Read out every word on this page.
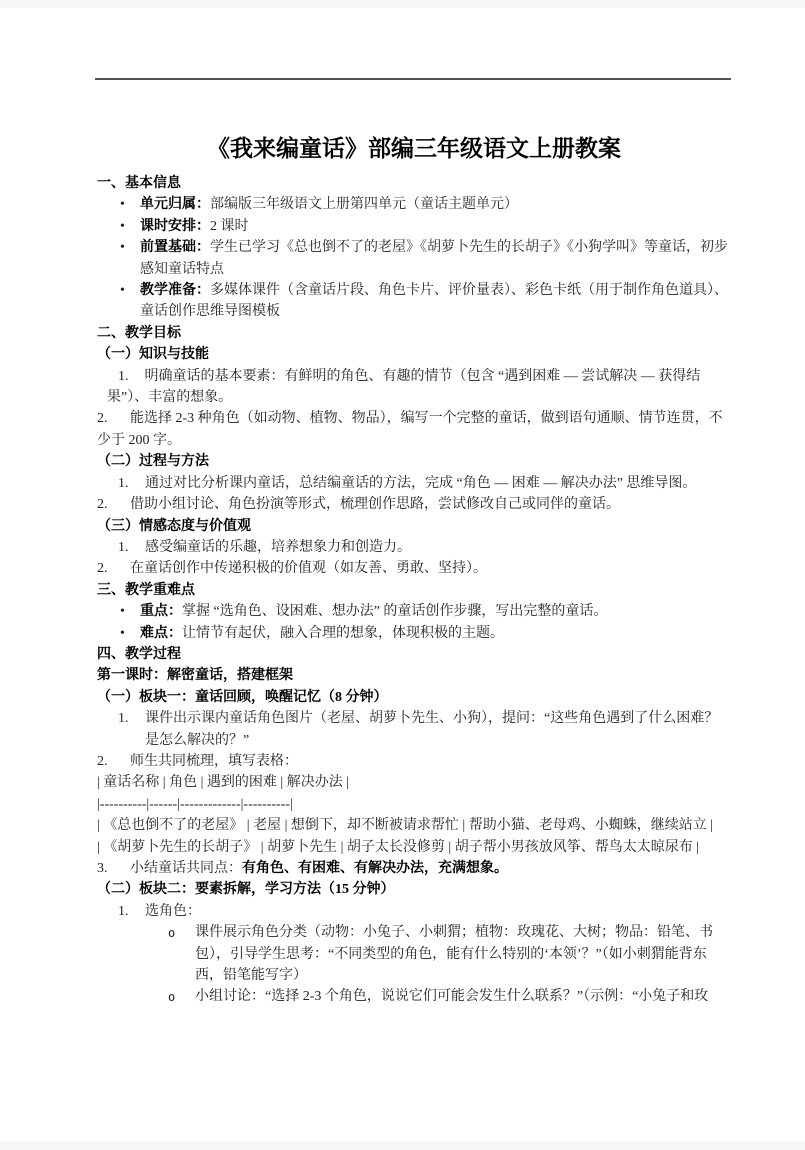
《我来编童话》部编三年级语文上册教案
一、基本信息
• 单元归属：部编版三年级语文上册第四单元（童话主题单元）
• 课时安排：2 课时
• 前置基础：学生已学习《总也倒不了的老屋》《胡萝卜先生的长胡子》《小狗学叫》等童话，初步感知童话特点
• 教学准备：多媒体课件（含童话片段、角色卡片、评价量表）、彩色卡纸（用于制作角色道具）、童话创作思维导图模板
二、教学目标
（一）知识与技能
1. 明确童话的基本要素：有鲜明的角色、有趣的情节（包含 “遇到困难 — 尝试解决 — 获得结果”）、丰富的想象。
2. 能选择 2-3 种角色（如动物、植物、物品），编写一个完整的童话，做到语句通顺、情节连贯，不少于 200 字。
（二）过程与方法
1. 通过对比分析课内童话，总结编童话的方法，完成 “角色 — 困难 — 解决办法” 思维导图。
2. 借助小组讨论、角色扮演等形式，梳理创作思路，尝试修改自己或同伴的童话。
（三）情感态度与价值观
1. 感受编童话的乐趣，培养想象力和创造力。
2. 在童话创作中传递积极的价值观（如友善、勇敢、坚持）。
三、教学重难点
• 重点：掌握 “选角色、设困难、想办法” 的童话创作步骤，写出完整的童话。
• 难点：让情节有起伏，融入合理的想象，体现积极的主题。
四、教学过程
第一课时：解密童话，搭建框架
（一）板块一：童话回顾，唤醒记忆（8 分钟）
1. 课件出示课内童话角色图片（老屋、胡萝卜先生、小狗），提问：“这些角色遇到了什么困难？是怎么解决的？”
2. 师生共同梳理，填写表格：
| 童话名称 | 角色 | 遇到的困难 | 解决办法 |
|----------|------|-------------|----------|
| 《总也倒不了的老屋》 | 老屋 | 想倒下，却不断被请求帮忙 | 帮助小猫、老母鸡、小蜘蛛，继续站立 |
| 《胡萝卜先生的长胡子》 | 胡萝卜先生 | 胡子太长没修剪 | 胡子帮小男孩放风筝、帮鸟太太晾尿布 |
3. 小结童话共同点：有角色、有困难、有解决办法，充满想象。
（二）板块二：要素拆解，学习方法（15 分钟）
1. 选角色：
o 课件展示角色分类（动物：小兔子、小刺猬；植物：玫瑰花、大树；物品：铅笔、书包），引导学生思考：“不同类型的角色，能有什么特别的‘本领’？”（如小刺猬能背东西，铅笔能写字）
o 小组讨论：“选择 2-3 个角色，说说它们可能会发生什么联系？”（示例：“小兔子和玫
